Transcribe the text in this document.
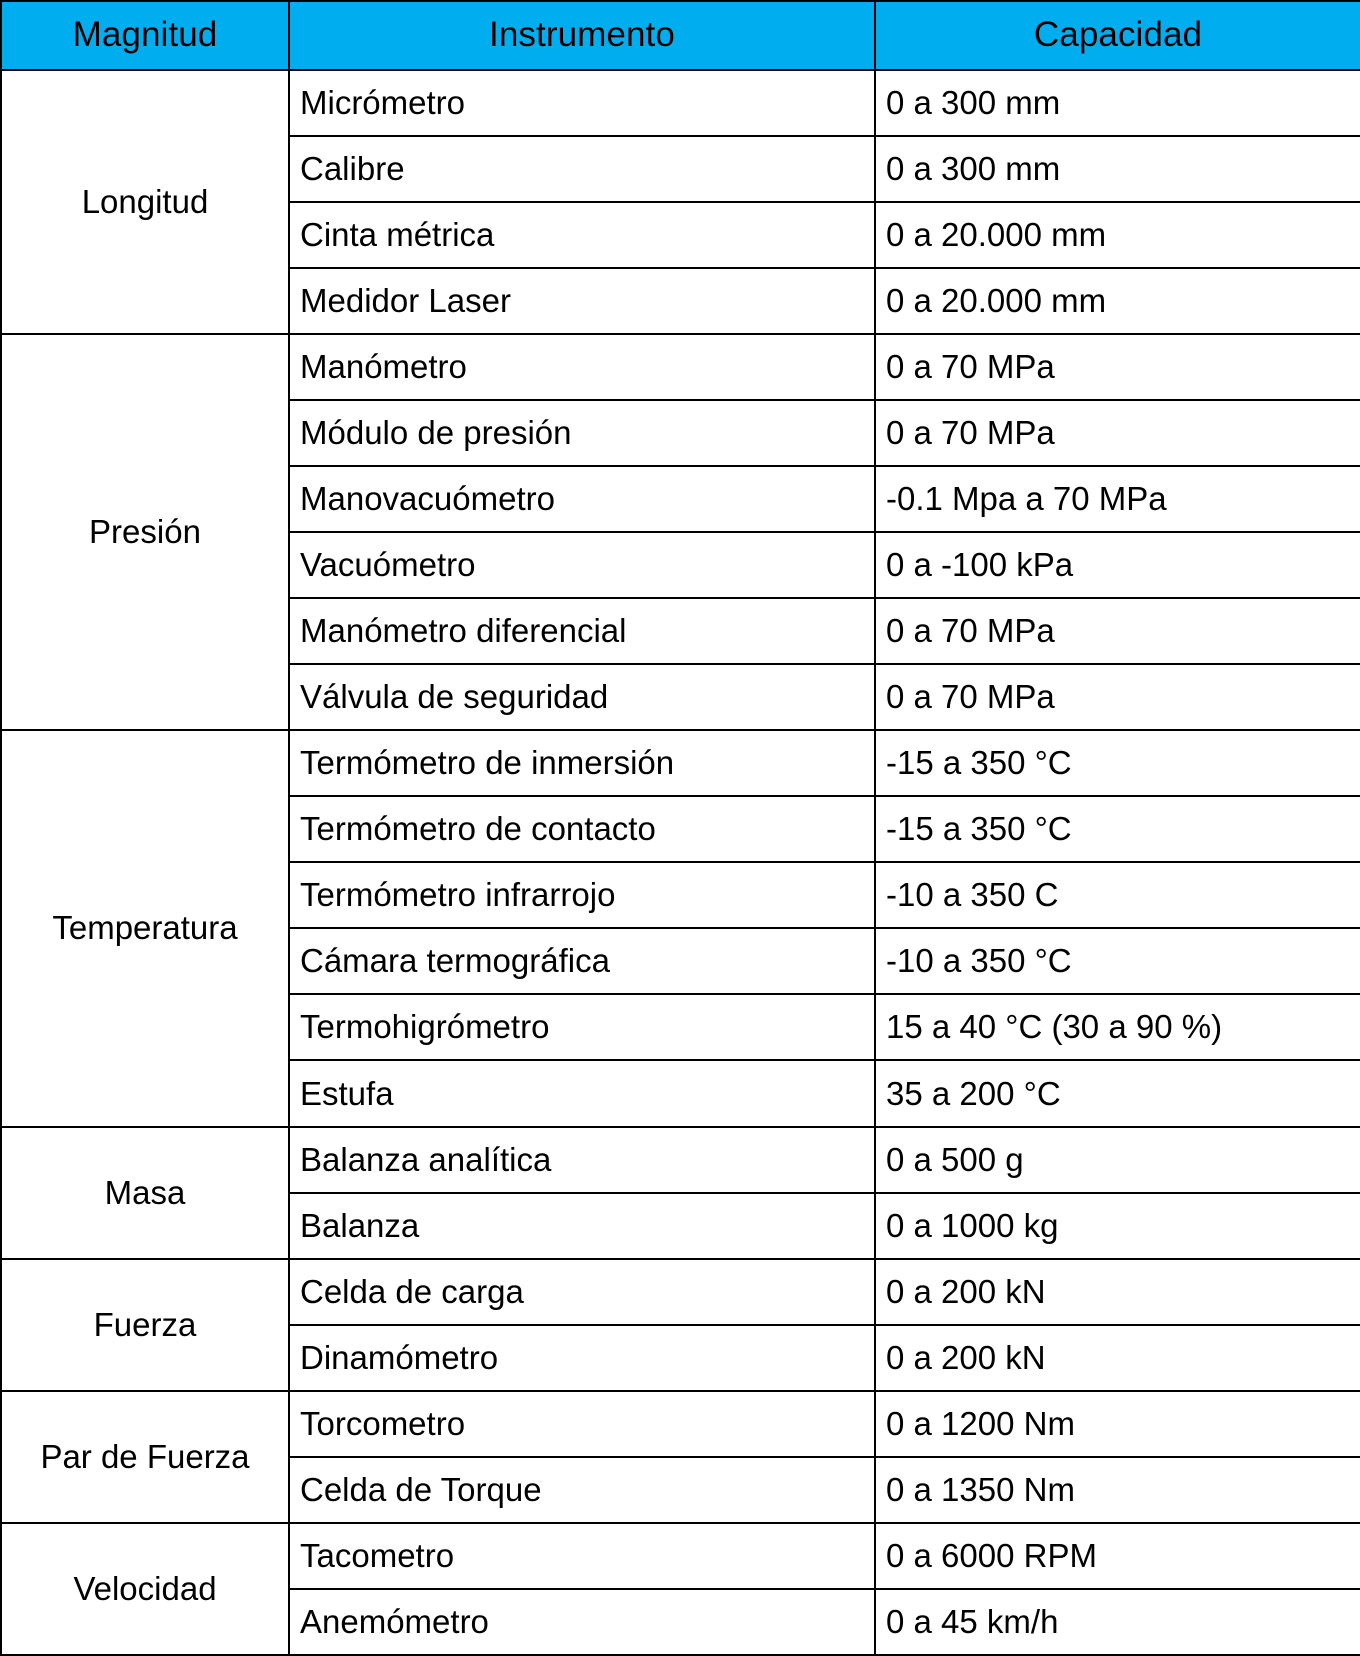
Magnitud	Instrumento	Capacidad
Longitud	Micrómetro	0 a 300 mm
	Calibre	0 a 300 mm
	Cinta métrica	0 a 20.000 mm
	Medidor Laser	0 a 20.000 mm
Presión	Manómetro	0 a 70 MPa
	Módulo de presión	0 a 70 MPa
	Manovacuómetro	-0.1 Mpa a 70 MPa
	Vacuómetro	0 a -100 kPa
	Manómetro diferencial	0 a 70 MPa
	Válvula de seguridad	0 a 70 MPa
Temperatura	Termómetro de inmersión	-15 a 350 °C
	Termómetro de contacto	-15 a 350 °C
	Termómetro infrarrojo	-10 a 350 C
	Cámara termográfica	-10 a 350 °C
	Termohigrómetro	15 a 40 °C (30 a 90 %)
	Estufa	35 a 200 °C
Masa	Balanza analítica	0 a 500 g
	Balanza	0 a 1000 kg
Fuerza	Celda de carga	0 a 200 kN
	Dinamómetro	0 a 200 kN
Par de Fuerza	Torcometro	0 a 1200 Nm
	Celda de Torque	0 a 1350 Nm
Velocidad	Tacometro	0 a 6000 RPM
	Anemómetro	0 a 45 km/h
